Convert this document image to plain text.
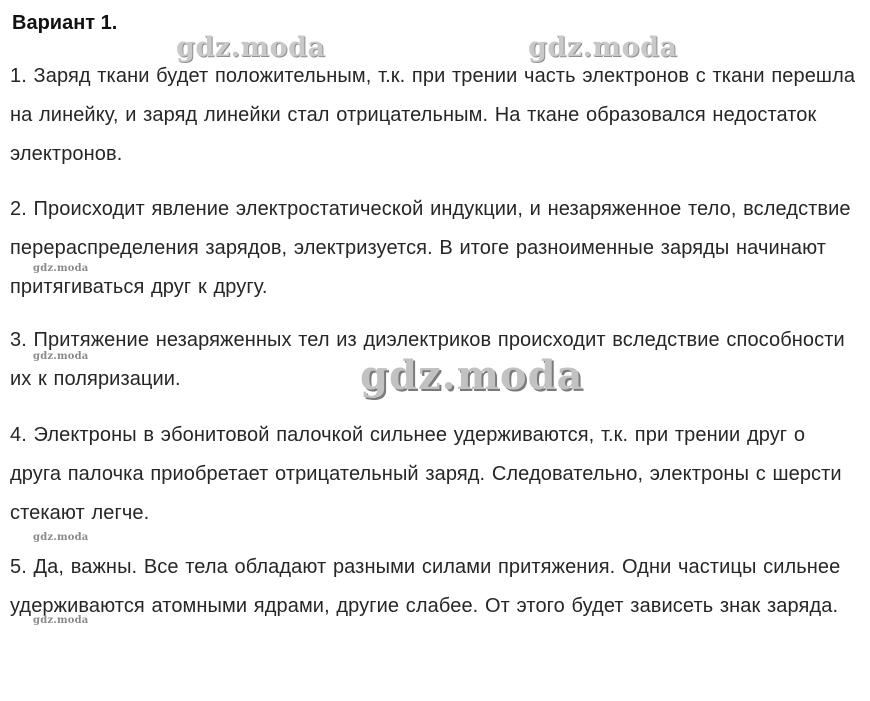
Вариант 1.
gdz.moda	gdz.moda
1. Заряд ткани будет положительным, т.к. при трении часть электронов с ткани перешла на линейку, и заряд линейки стал отрицательным. На ткане образовался недостаток электронов.
2. Происходит явление электростатической индукции, и незаряженное тело, вследствие перераспределения зарядов, электризуется. В итоге разноименные заряды начинают притягиваться друг к другу.
gdz.moda
3. Притяжение незаряженных тел из диэлектриков происходит вследствие способности их к поляризации.
gdz.moda	gdz.moda
4. Электроны в эбонитовой палочкой сильнее удерживаются, т.к. при трении друг о друга палочка приобретает отрицательный заряд. Следовательно, электроны с шерсти стекают легче.
gdz.moda
5. Да, важны. Все тела обладают разными силами притяжения. Одни частицы сильнее удерживаются атомными ядрами, другие слабее. От этого будет зависеть знак заряда.
gdz.moda
